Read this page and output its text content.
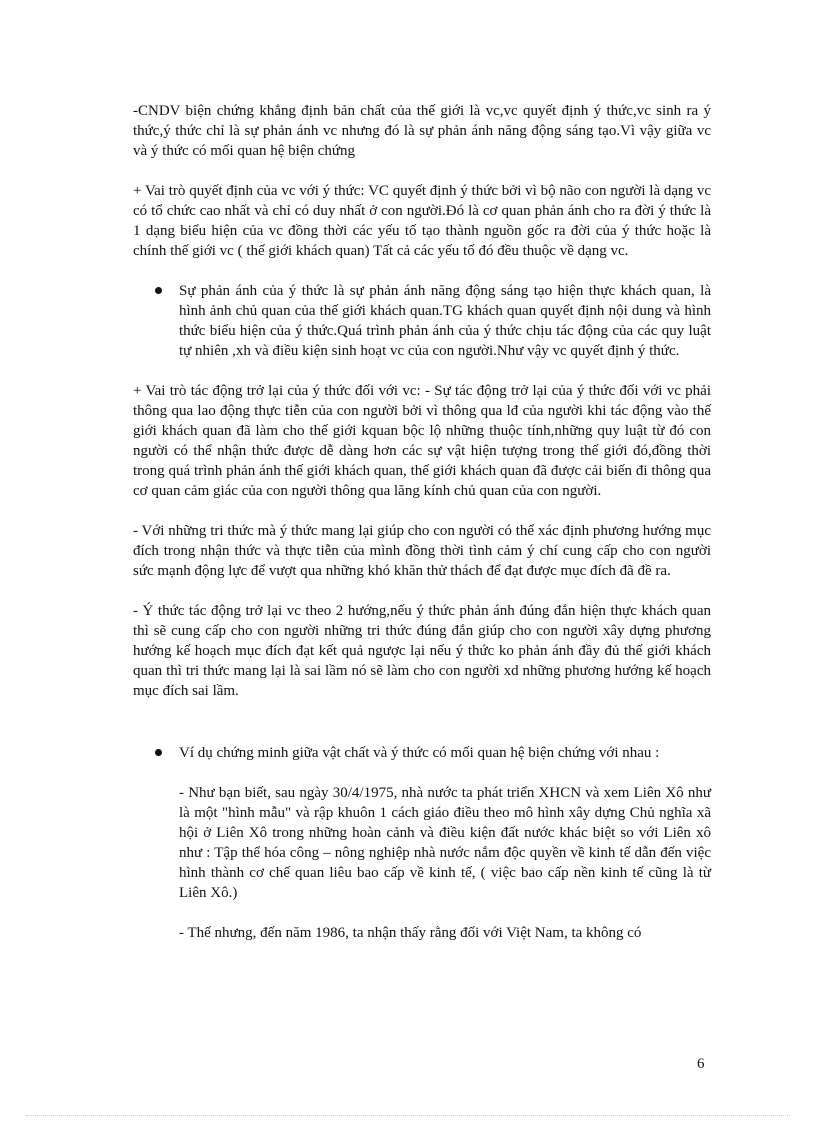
-CNDV biện chứng khẳng định bản chất của thế giới là vc,vc quyết định ý thức,vc sinh ra ý thức,ý thức chỉ là sự phản ánh vc nhưng đó là sự phản ánh năng động sáng tạo.Vì vậy giữa vc và ý thức có mối quan hệ biện chứng

+ Vai trò quyết định của vc với ý thức: VC quyết định ý thức bởi vì bộ não con người là dạng vc có tổ chức cao nhất và chỉ có duy nhất ở con người.Đó là cơ quan phản ánh cho ra đời ý thức là 1 dạng biểu hiện của vc đồng thời các yếu tố tạo thành nguồn gốc ra đời của ý thức hoặc là chính thế giới vc ( thế giới khách quan) Tất cả các yếu tố đó đều thuộc về dạng vc.

Sự phản ánh của ý thức là sự phản ánh năng động sáng tạo hiện thực khách quan, là hình ảnh chủ quan của thế giới khách quan.TG khách quan quyết định nội dung và hình thức biểu hiện của ý thức.Quá trình phản ánh của ý thức chịu tác động của các quy luật tự nhiên ,xh và điều kiện sinh hoạt vc của con người.Như vậy vc quyết định ý thức.

+ Vai trò tác động trở lại của ý thức đối với vc: - Sự tác động trở lại của ý thức đối với vc phải thông qua lao động thực tiễn của con người bởi vì thông qua lđ của người khi tác động vào thế giới khách quan đã làm cho thế giới kquan bộc lộ những thuộc tính,những quy luật từ đó con người có thể nhận thức được dễ dàng hơn các sự vật hiện tượng trong thế giới đó,đồng thời trong quá trình phản ánh thế giới khách quan, thế giới khách quan đã được cải biến đi thông qua cơ quan cảm giác của con người thông qua lăng kính chủ quan của con người.

- Với những tri thức mà ý thức mang lại giúp cho con người có thể xác định phương hướng mục đích trong nhận thức và thực tiễn của mình đồng thời tình cảm ý chí cung cấp cho con người sức mạnh động lực để vượt qua những khó khăn thử thách để đạt được mục đích đã đề ra.

- Ý thức tác động trở lại vc theo 2 hướng,nếu ý thức phản ánh đúng đắn hiện thực khách quan thì sẽ cung cấp cho con người những tri thức đúng đắn giúp cho con người xây dựng phương hướng kế hoạch mục đích đạt kết quả ngược lại nếu ý thức ko phản ánh đầy đủ thế giới khách quan thì tri thức mang lại là sai lầm nó sẽ làm cho con người xd những phương hướng kế hoạch mục đích sai lầm.

Ví dụ chứng minh giữa vật chất và ý thức có mối quan hệ biện chứng với nhau :
- Như bạn biết, sau ngày 30/4/1975, nhà nước ta phát triển XHCN và xem Liên Xô như là một "hình mẫu" và rập khuôn 1 cách giáo điều theo mô hình xây dựng Chủ nghĩa xã hội ở Liên Xô trong những hoàn cảnh và điều kiện đất nước khác biệt so với Liên xô như : Tập thể hóa công – nông nghiệp nhà nước nắm độc quyền về kinh tế dẫn đến việc hình thành cơ chế quan liêu bao cấp về kinh tế, ( việc bao cấp nền kinh tế cũng là từ Liên Xô.)
- Thế nhưng, đến năm 1986, ta nhận thấy rằng đối với Việt Nam, ta không có
6
